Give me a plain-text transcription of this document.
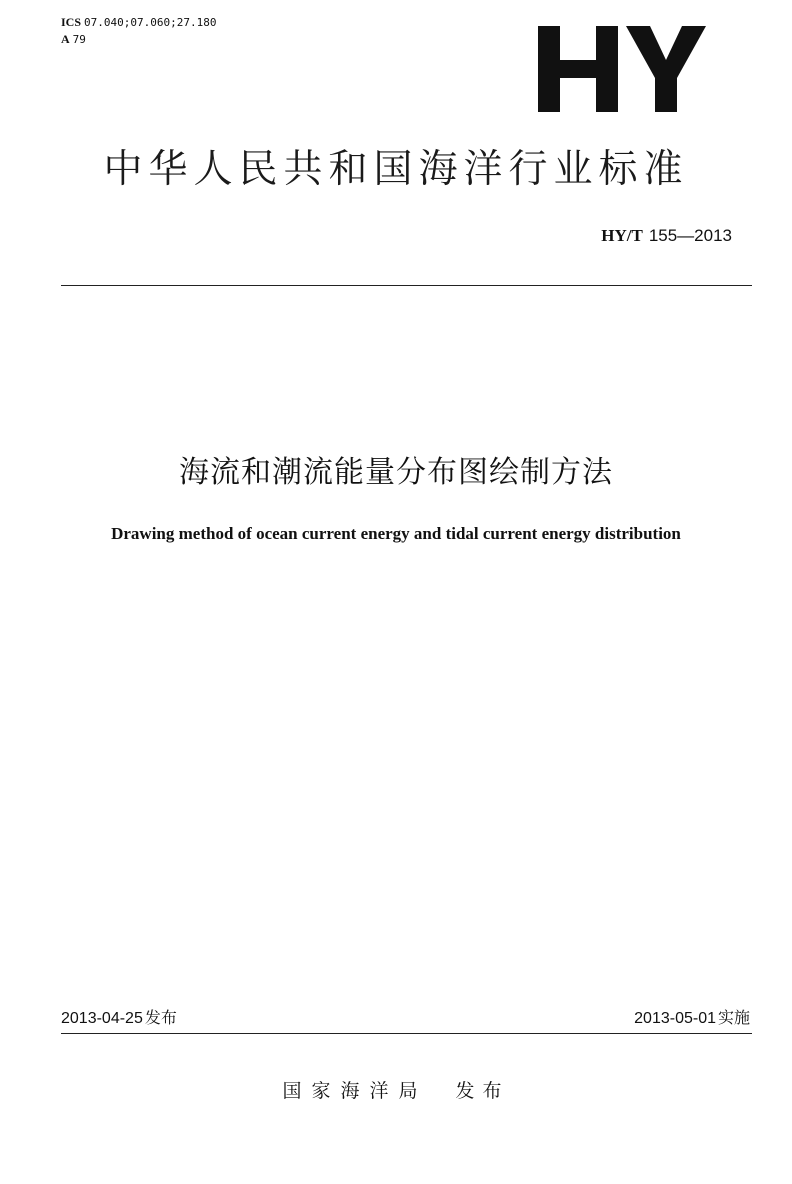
ICS 07.040;07.060;27.180
A 79
中华人民共和国海洋行业标准
HY/T 155—2013
海流和潮流能量分布图绘制方法
Drawing method of ocean current energy and tidal current energy distribution
2013-04-25 发布	2013-05-01 实施
国家海洋局 发布
